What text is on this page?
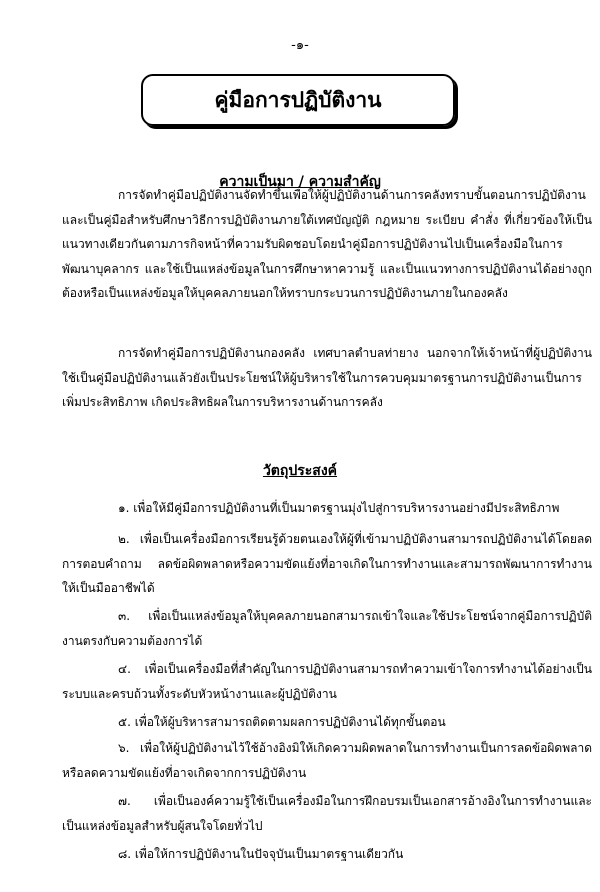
-๑-
คู่มือการปฏิบัติงาน
ความเป็นมา / ความสำคัญ

การจัดทำคู่มือปฏิบัติงานจัดทำขึ้นเพื่อให้ผู้ปฏิบัติงานด้านการคลังทราบขั้นตอนการปฏิบัติงาน และเป็นคู่มือสำหรับศึกษาวิธีการปฏิบัติงานภายใต้เทศบัญญัติ กฎหมาย ระเบียบ คำสั่ง ที่เกี่ยวข้องให้เป็นแนวทางเดียวกันตามภารกิจหน้าที่ความรับผิดชอบโดยนำคู่มือการปฏิบัติงานไปเป็นเครื่องมือในการพัฒนาบุคลากร และใช้เป็นแหล่งข้อมูลในการศึกษาหาความรู้ และเป็นแนวทางการปฏิบัติงานได้อย่างถูกต้องหรือเป็นแหล่งข้อมูลให้บุคคลภายนอกให้ทราบกระบวนการปฏิบัติงานภายในกองคลัง

การจัดทำคู่มือการปฏิบัติงานกองคลัง เทศบาลตำบลท่ายาง นอกจากให้เจ้าหน้าที่ผู้ปฏิบัติงานใช้เป็นคู่มือปฏิบัติงานแล้วยังเป็นประโยชน์ให้ผู้บริหารใช้ในการควบคุมมาตรฐานการปฏิบัติงานเป็นการเพิ่มประสิทธิภาพ เกิดประสิทธิผลในการบริหารงานด้านการคลัง

วัตถุประสงค์

๑. เพื่อให้มีคู่มือการปฏิบัติงานที่เป็นมาตรฐานมุ่งไปสู่การบริหารงานอย่างมีประสิทธิภาพ

๒. เพื่อเป็นเครื่องมือการเรียนรู้ด้วยตนเองให้ผู้ที่เข้ามาปฏิบัติงานสามารถปฏิบัติงานได้โดยลดการตอบคำถาม ลดข้อผิดพลาดหรือความขัดแย้งที่อาจเกิดในการทำงานและสามารถพัฒนาการทำงานให้เป็นมืออาชีพได้

๓. เพื่อเป็นแหล่งข้อมูลให้บุคคลภายนอกสามารถเข้าใจและใช้ประโยชน์จากคู่มือการปฏิบัติงานตรงกับความต้องการได้

๔. เพื่อเป็นเครื่องมือที่สำคัญในการปฏิบัติงานสามารถทำความเข้าใจการทำงานได้อย่างเป็นระบบและครบถ้วนทั้งระดับหัวหน้างานและผู้ปฏิบัติงาน

๕. เพื่อให้ผู้บริหารสามารถติดตามผลการปฏิบัติงานได้ทุกขั้นตอน

๖. เพื่อให้ผู้ปฏิบัติงานไว้ใช้อ้างอิงมิให้เกิดความผิดพลาดในการทำงานเป็นการลดข้อผิดพลาดหรือลดความขัดแย้งที่อาจเกิดจากการปฏิบัติงาน

๗. เพื่อเป็นองค์ความรู้ใช้เป็นเครื่องมือในการฝึกอบรมเป็นเอกสารอ้างอิงในการทำงานและเป็นแหล่งข้อมูลสำหรับผู้สนใจโดยทั่วไป

๘. เพื่อให้การปฏิบัติงานในปัจจุบันเป็นมาตรฐานเดียวกัน
